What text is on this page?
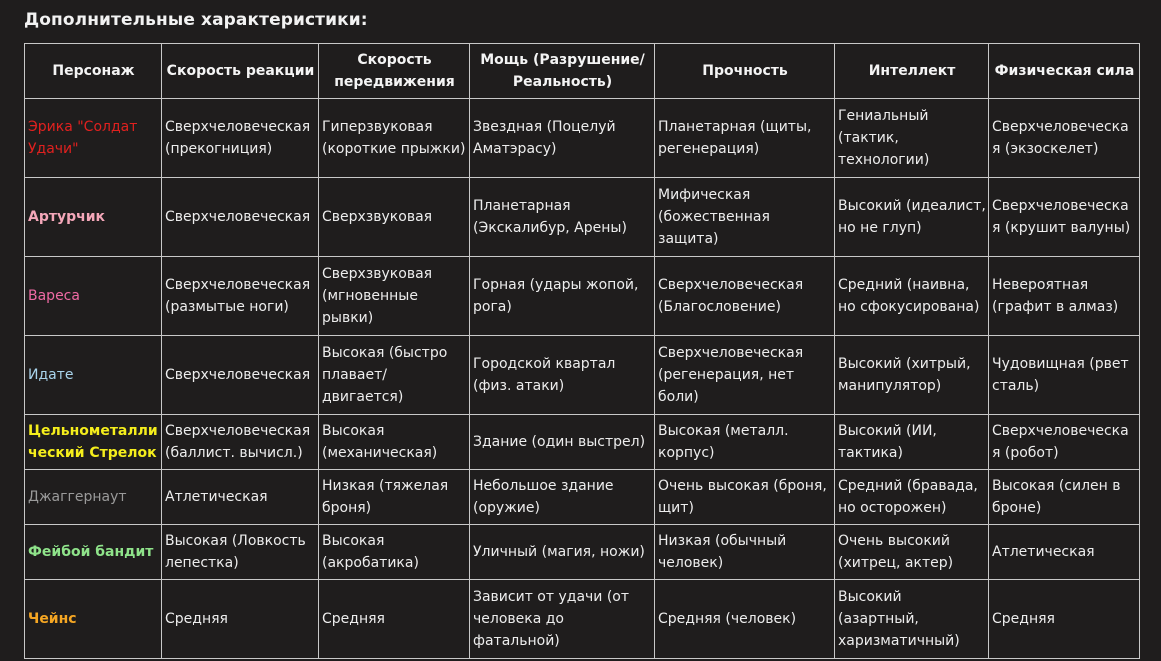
Дополнительные характеристики:
Персонаж	Скорость реакции	Скорость передвижения	Мощь (Разрушение/ Реальность)	Прочность	Интеллект	Физическая сила
Эрика "Солдат Удачи"	Сверхчеловеческая (прекогниция)	Гиперзвуковая (короткие прыжки)	Звездная (Поцелуй Аматэрасу)	Планетарная (щиты, регенерация)	Гениальный (тактик, технологии)	Сверхчеловеческая (экзоскелет)
Артурчик	Сверхчеловеческая	Сверхзвуковая	Планетарная (Экскалибур, Арены)	Мифическая (божественная защита)	Высокий (идеалист, но не глуп)	Сверхчеловеческая (крушит валуны)
Вареса	Сверхчеловеческая (размытые ноги)	Сверхзвуковая (мгновенные рывки)	Горная (удары жопой, рога)	Сверхчеловеческая (Благословение)	Средний (наивна, но сфокусирована)	Невероятная (графит в алмаз)
Идате	Сверхчеловеческая	Высокая (быстро плавает/ двигается)	Городской квартал (физ. атаки)	Сверхчеловеческая (регенерация, нет боли)	Высокий (хитрый, манипулятор)	Чудовищная (рвет сталь)
Цельнометаллический Стрелок	Сверхчеловеческая (баллист. вычисл.)	Высокая (механическая)	Здание (один выстрел)	Высокая (металл. корпус)	Высокий (ИИ, тактика)	Сверхчеловеческая (робот)
Джаггернаут	Атлетическая	Низкая (тяжелая броня)	Небольшое здание (оружие)	Очень высокая (броня, щит)	Средний (бравада, но осторожен)	Высокая (силен в броне)
Фейбой бандит	Высокая (Ловкость лепестка)	Высокая (акробатика)	Уличный (магия, ножи)	Низкая (обычный человек)	Очень высокий (хитрец, актер)	Атлетическая
Чейнс	Средняя	Средняя	Зависит от удачи (от человека до фатальной)	Средняя (человек)	Высокий (азартный, харизматичный)	Средняя
